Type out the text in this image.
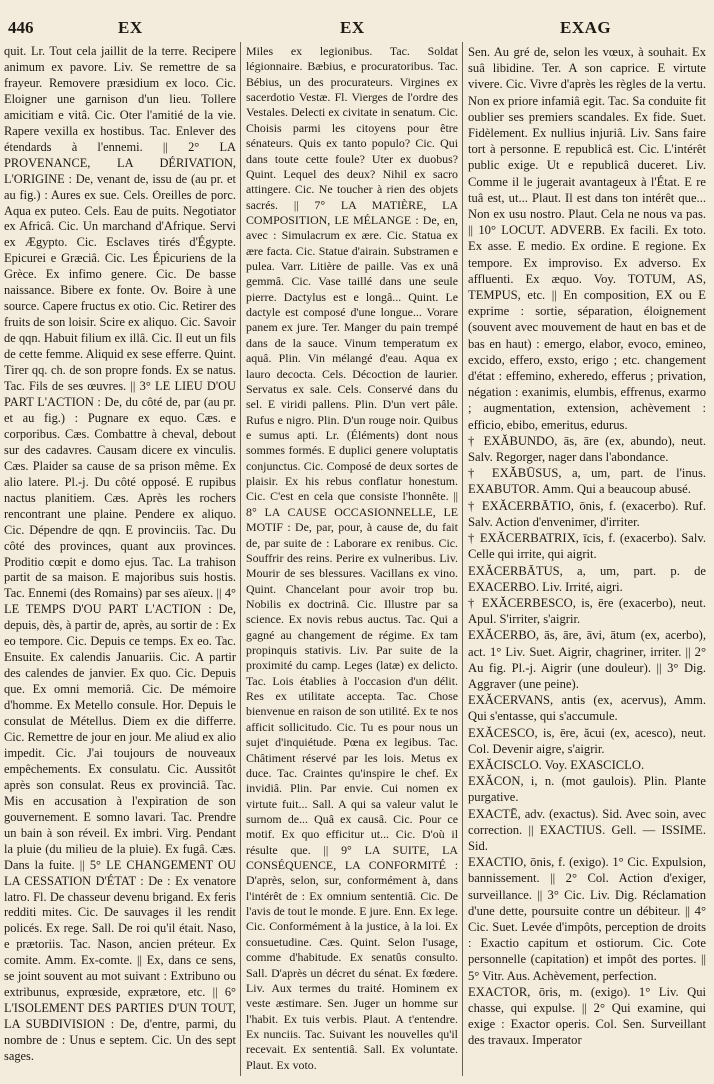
446	EX	EX	EXAG

quit. Lr. Tout cela jaillit de la terre. Recipere animum ex pavore. Liv. Se remettre de sa frayeur. Removere præsidium ex loco. Cic. Eloigner une garnison d'un lieu. Tollere amicitiam e vitâ. Cic. Oter l'amitié de la vie. Rapere vexilla ex hostibus. Tac. Enlever des étendards à l'ennemi. || 2° LA PROVENANCE, LA DÉRIVATION, L'ORIGINE : De, venant de, issu de (au pr. et au fig.) : Aures ex sue. Cels. Oreilles de porc. Aqua ex puteo. Cels. Eau de puits. Negotiator ex Africâ. Cic. Un marchand d'Afrique. Servi ex Ægypto. Cic. Esclaves tirés d'Égypte. Epicurei e Græciâ. Cic. Les Épicuriens de la Grèce. Ex infimo genere. Cic. De basse naissance. Bibere ex fonte. Ov. Boire à une source. Capere fructus ex otio. Cic. Retirer des fruits de son loisir. Scire ex aliquo. Cic. Savoir de qqn. Habuit filium ex illâ. Cic. Il eut un fils de cette femme. Aliquid ex sese efferre. Quint. Tirer qq. ch. de son propre fonds. Ex se natus. Tac. Fils de ses œuvres. || 3° LE LIEU D'OU PART L'ACTION : De, du côté de, par (au pr. et au fig.) : Pugnare ex equo. Cæs. e corporibus. Cæs. Combattre à cheval, debout sur des cadavres. Causam dicere ex vinculis. Cæs. Plaider sa cause de sa prison même. Ex alio latere. Pl.-j. Du côté opposé. E rupibus nactus planitiem. Cæs. Après les rochers rencontrant une plaine. Pendere ex aliquo. Cic. Dépendre de qqn. E provinciis. Tac. Du côté des provinces, quant aux provinces. Proditio cœpit e domo ejus. Tac. La trahison partit de sa maison. E majoribus suis hostis. Tac. Ennemi (des Romains) par ses aïeux. || 4° LE TEMPS D'OU PART L'ACTION : De, depuis, dès, à partir de, après, au sortir de : Ex eo tempore. Cic. Depuis ce temps. Ex eo. Tac. Ensuite. Ex calendis Januariis. Cic. A partir des calendes de janvier. Ex quo. Cic. Depuis que. Ex omni memoriâ. Cic. De mémoire d'homme. Ex Metello consule. Hor. Depuis le consulat de Métellus. Diem ex die differre. Cic. Remettre de jour en jour. Me aliud ex alio impedit. Cic. J'ai toujours de nouveaux empêchements. Ex consulatu. Cic. Aussitôt après son consulat. Reus ex provinciâ. Tac. Mis en accusation à l'expiration de son gouvernement. E somno lavari. Tac. Prendre un bain à son réveil. Ex imbri. Virg. Pendant la pluie (du milieu de la pluie). Ex fugâ. Cæs. Dans la fuite. || 5° LE CHANGEMENT OU LA CESSATION D'ÉTAT : De : Ex venatore latro. Fl. De chasseur devenu brigand. Ex feris redditi mites. Cic. De sauvages il les rendit policés. Ex rege. Sall. De roi qu'il était. Naso, e prætoriis. Tac. Nason, ancien préteur. Ex comite. Amm. Ex-comte. || Ex, dans ce sens, se joint souvent au mot suivant : Extribuno ou extribunus, exprœside, exprætore, etc. || 6° L'ISOLEMENT DES PARTIES D'UN TOUT, LA SUBDIVISION : De, d'entre, parmi, du nombre de : Unus e septem. Cic. Un des sept sages.

Miles ex legionibus. Tac. Soldat légionnaire. Bæbius, e procuratoribus. Tac. Bébius, un des procurateurs. Virgines ex sacerdotio Vestæ. Fl. Vierges de l'ordre des Vestales. Delecti ex civitate in senatum. Cic. Choisis parmi les citoyens pour être sénateurs. Quis ex tanto populo? Cic. Qui dans toute cette foule? Uter ex duobus? Quint. Lequel des deux? Nihil ex sacro attingere. Cic. Ne toucher à rien des objets sacrés. || 7° LA MATIÈRE, LA COMPOSITION, LE MÉLANGE : De, en, avec : Simulacrum ex ære. Cic. Statua ex ære facta. Cic. Statue d'airain. Substramen e pulea. Varr. Litière de paille. Vas ex unâ gemmâ. Cic. Vase taillé dans une seule pierre. Dactylus est e longâ... Quint. Le dactyle est composé d'une longue... Vorare panem ex jure. Ter. Manger du pain trempé dans de la sauce. Vinum temperatum ex aquâ. Plin. Vin mélangé d'eau. Aqua ex lauro decocta. Cels. Décoction de laurier. Servatus ex sale. Cels. Conservé dans du sel. E viridi pallens. Plin. D'un vert pâle. Rufus e nigro. Plin. D'un rouge noir. Quibus e sumus apti. Lr. (Éléments) dont nous sommes formés. E duplici genere voluptatis conjunctus. Cic. Composé de deux sortes de plaisir. Ex his rebus conflatur honestum. Cic. C'est en cela que consiste l'honnête. || 8° LA CAUSE OCCASIONNELLE, LE MOTIF : De, par, pour, à cause de, du fait de, par suite de : Laborare ex renibus. Cic. Souffrir des reins. Perire ex vulneribus. Liv. Mourir de ses blessures. Vacillans ex vino. Quint. Chancelant pour avoir trop bu. Nobilis ex doctrinâ. Cic. Illustre par sa science. Ex novis rebus auctus. Tac. Qui a gagné au changement de régime. Ex tam propinquis stativis. Liv. Par suite de la proximité du camp. Leges (latæ) ex delicto. Tac. Lois établies à l'occasion d'un délit. Res ex utilitate accepta. Tac. Chose bienvenue en raison de son utilité. Ex te nos afficit sollicitudo. Cic. Tu es pour nous un sujet d'inquiétude. Pœna ex legibus. Tac. Châtiment réservé par les lois. Metus ex duce. Tac. Craintes qu'inspire le chef. Ex invidiâ. Plin. Par envie. Cui nomen ex virtute fuit... Sall. A qui sa valeur valut le surnom de... Quâ ex causâ. Cic. Pour ce motif. Ex quo efficitur ut... Cic. D'où il résulte que. || 9° LA SUITE, LA CONSÉQUENCE, LA CONFORMITÉ : D'après, selon, sur, conformément à, dans l'intérêt de : Ex omnium sententiâ. Cic. De l'avis de tout le monde. E jure. Enn. Ex lege. Cic. Conformément à la justice, à la loi. Ex consuetudine. Cæs. Quint. Selon l'usage, comme d'habitude. Ex senatûs consulto. Sall. D'après un décret du sénat. Ex fœdere. Liv. Aux termes du traité. Hominem ex veste æstimare. Sen. Juger un homme sur l'habit. Ex tuis verbis. Plaut. A t'entendre. Ex nunciis. Tac. Suivant les nouvelles qu'il recevait. Ex sententiâ. Sall. Ex voluntate. Plaut. Ex voto.

Sen. Au gré de, selon les vœux, à souhait. Ex suâ libidine. Ter. A son caprice. E virtute vivere. Cic. Vivre d'après les règles de la vertu. Non ex priore infamiâ egit. Tac. Sa conduite fit oublier ses premiers scandales. Ex fide. Suet. Fidèlement. Ex nullius injuriâ. Liv. Sans faire tort à personne. E republicâ est. Cic. L'intérêt public exige. Ut e republicâ duceret. Liv. Comme il le jugerait avantageux à l'État. E re tuâ est, ut... Plaut. Il est dans ton intérêt que... Non ex usu nostro. Plaut. Cela ne nous va pas. || 10° LOCUT. ADVERB. Ex facili. Ex toto. Ex asse. E medio. Ex ordine. E regione. Ex tempore. Ex improviso. Ex adverso. Ex affluenti. Ex æquo. Voy. TOTUM, AS, TEMPUS, etc. || En composition, EX ou E exprime : sortie, séparation, éloignement (souvent avec mouvement de haut en bas et de bas en haut) : emergo, elabor, evoco, emineo, excido, effero, exsto, erigo ; etc. changement d'état : effemino, exheredo, efferus ; privation, négation : exanimis, elumbis, effrenus, exarmo ; augmentation, extension, achèvement : efficio, ebibo, emeritus, edurus.

† EXĂBUNDO, ās, āre (ex, abundo), neut. Salv. Regorger, nager dans l'abondance.

† EXĂBŪSUS, a, um, part. de l'inus. EXABUTOR. Amm. Qui a beaucoup abusé.

† EXĂCERBĀTIO, ōnis, f. (exacerbo). Ruf. Salv. Action d'envenimer, d'irriter.

† EXĂCERBATRIX, īcis, f. (exacerbo). Salv. Celle qui irrite, qui aigrit.

EXĂCERBĀTUS, a, um, part. p. de EXACERBO. Liv. Irrité, aigri.

† EXĂCERBESCO, is, ēre (exacerbo), neut. Apul. S'irriter, s'aigrir.

EXĂCERBO, ās, āre, āvi, ātum (ex, acerbo), act. 1° Liv. Suet. Aigrir, chagriner, irriter. || 2° Au fig. Pl.-j. Aigrir (une douleur). || 3° Dig. Aggraver (une peine).

EXĂCERVANS, antis (ex, acervus), Amm. Qui s'entasse, qui s'accumule.

EXĂCESCO, is, ēre, ăcui (ex, acesco), neut. Col. Devenir aigre, s'aigrir.

EXĂCISCLO. Voy. EXASCICLO.

EXĂCON, i, n. (mot gaulois). Plin. Plante purgative.

EXACTĒ, adv. (exactus). Sid. Avec soin, avec correction. || EXACTIUS. Gell. — ISSIME. Sid.

EXACTIO, ōnis, f. (exigo). 1° Cic. Expulsion, bannissement. || 2° Col. Action d'exiger, surveillance. || 3° Cic. Liv. Dig. Réclamation d'une dette, poursuite contre un débiteur. || 4° Cic. Suet. Levée d'impôts, perception de droits : Exactio capitum et ostiorum. Cic. Cote personnelle (capitation) et impôt des portes. || 5° Vitr. Aus. Achèvement, perfection.

EXACTOR, ōris, m. (exigo). 1° Liv. Qui chasse, qui expulse. || 2° Qui examine, qui exige : Exactor operis. Col. Sen. Surveillant des travaux. Imperator
